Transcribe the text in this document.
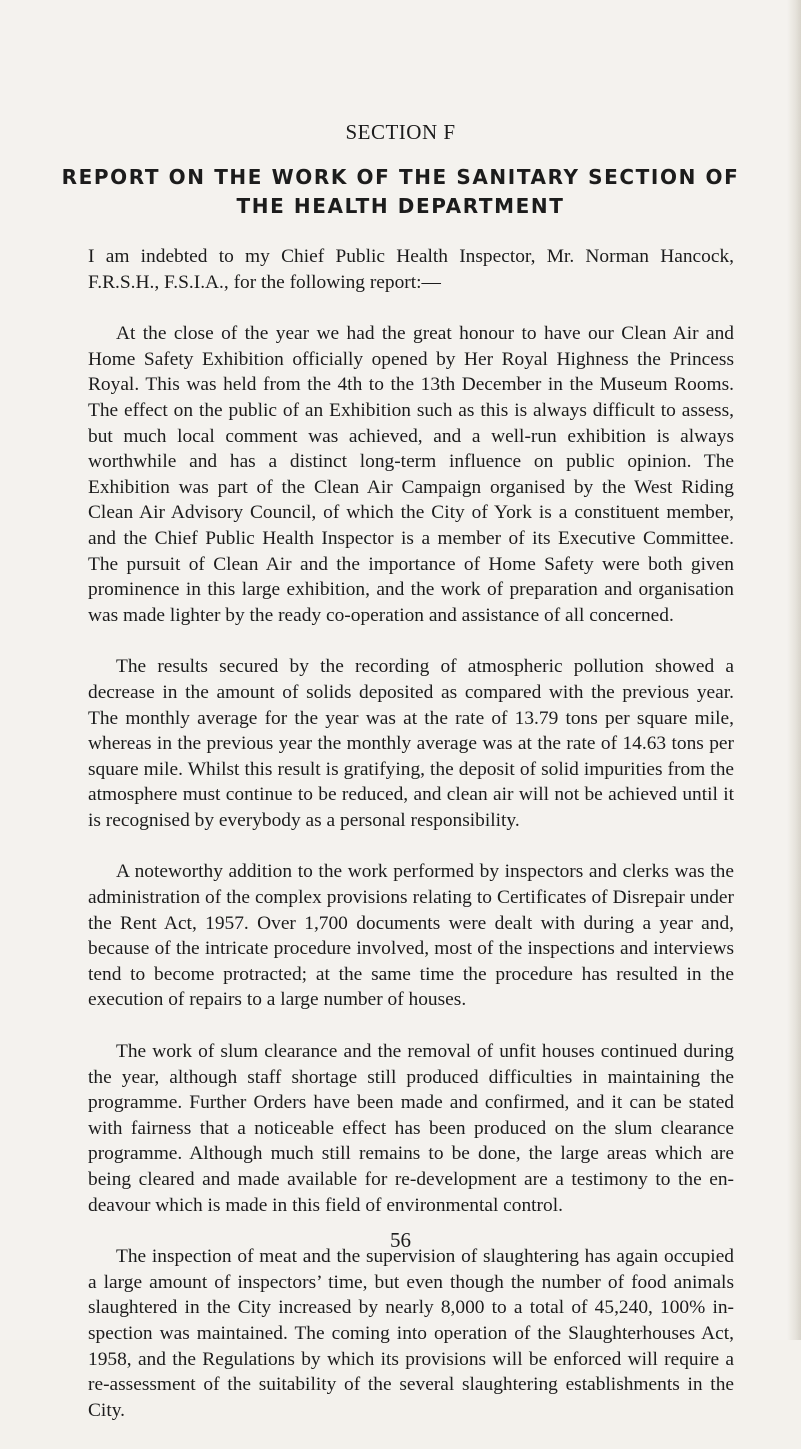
SECTION F
REPORT ON THE WORK OF THE SANITARY SECTION OF THE HEALTH DEPARTMENT

I am indebted to my Chief Public Health Inspector, Mr. Norman Hancock, F.R.S.H., F.S.I.A., for the following report:—

At the close of the year we had the great honour to have our Clean Air and Home Safety Exhibition officially opened by Her Royal Highness the Princess Royal. This was held from the 4th to the 13th December in the Museum Rooms. The effect on the public of an Exhibition such as this is always difficult to assess, but much local comment was achieved, and a well-run exhibition is always worthwhile and has a distinct long-term influence on public opinion. The Exhibition was part of the Clean Air Campaign organised by the West Riding Clean Air Advisory Council, of which the City of York is a constituent member, and the Chief Public Health Inspector is a member of its Executive Committee. The pursuit of Clean Air and the importance of Home Safety were both given prominence in this large exhibition, and the work of preparation and organisation was made lighter by the ready co-operation and assistance of all concerned.

The results secured by the recording of atmospheric pollution showed a decrease in the amount of solids deposited as compared with the previous year. The monthly average for the year was at the rate of 13.79 tons per square mile, whereas in the previous year the monthly average was at the rate of 14.63 tons per square mile. Whilst this result is gratifying, the deposit of solid impurities from the atmosphere must continue to be reduced, and clean air will not be achieved until it is recognised by everybody as a personal responsibility.

A noteworthy addition to the work performed by inspectors and clerks was the administration of the complex provisions relating to Certificates of Disrepair under the Rent Act, 1957. Over 1,700 documents were dealt with during a year and, because of the intricate procedure involved, most of the inspections and interviews tend to become protracted; at the same time the procedure has resulted in the execution of repairs to a large number of houses.

The work of slum clearance and the removal of unfit houses continued during the year, although staff shortage still produced difficulties in maintaining the programme. Further Orders have been made and confirmed, and it can be stated with fairness that a noticeable effect has been produced on the slum clearance programme. Although much still remains to be done, the large areas which are being cleared and made available for re-development are a testimony to the en-deavour which is made in this field of environmental control.

The inspection of meat and the supervision of slaughtering has again occupied a large amount of inspectors’ time, but even though the number of food animals slaughtered in the City increased by nearly 8,000 to a total of 45,240, 100% in-spection was maintained. The coming into operation of the Slaughterhouses Act, 1958, and the Regulations by which its provisions will be enforced will require a re-assessment of the suitability of the several slaughtering establishments in the City.

56
